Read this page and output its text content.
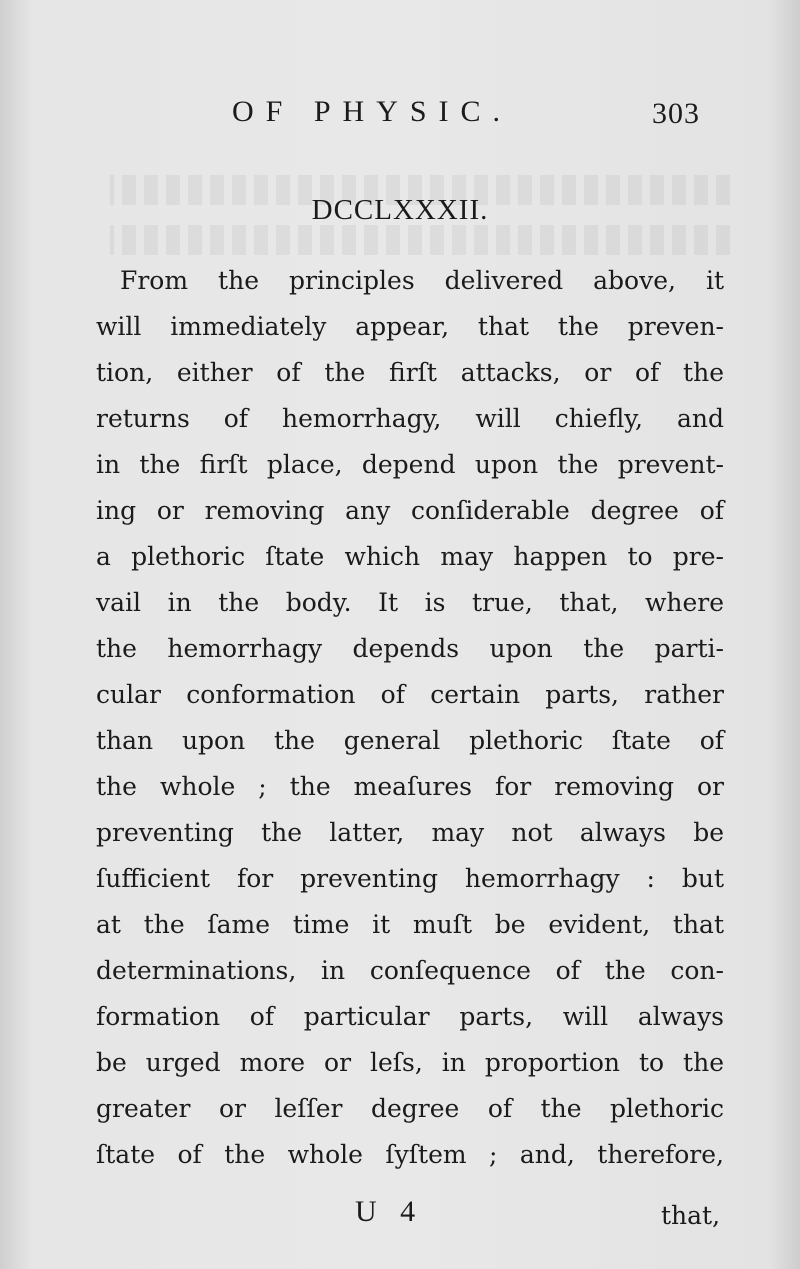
OF PHYSIC.	303
DCCLXXXII.
From the principles delivered above, it
will immediately appear, that the preven-
tion, either of the firſt attacks, or of the
returns of hemorrhagy, will chiefly, and
in the firſt place, depend upon the prevent-
ing or removing any conſiderable degree of
a plethoric ſtate which may happen to pre-
vail in the body. It is true, that, where
the hemorrhagy depends upon the parti-
cular conformation of certain parts, rather
than upon the general plethoric ſtate of
the whole ; the meaſures for removing or
preventing the latter, may not always be
ſufficient for preventing hemorrhagy : but
at the ſame time it muſt be evident, that
determinations, in conſequence of the con-
formation of particular parts, will always
be urged more or leſs, in proportion to the
greater or leſſer degree of the plethoric
ſtate of the whole ſyſtem ; and, therefore,
U 4	that,
